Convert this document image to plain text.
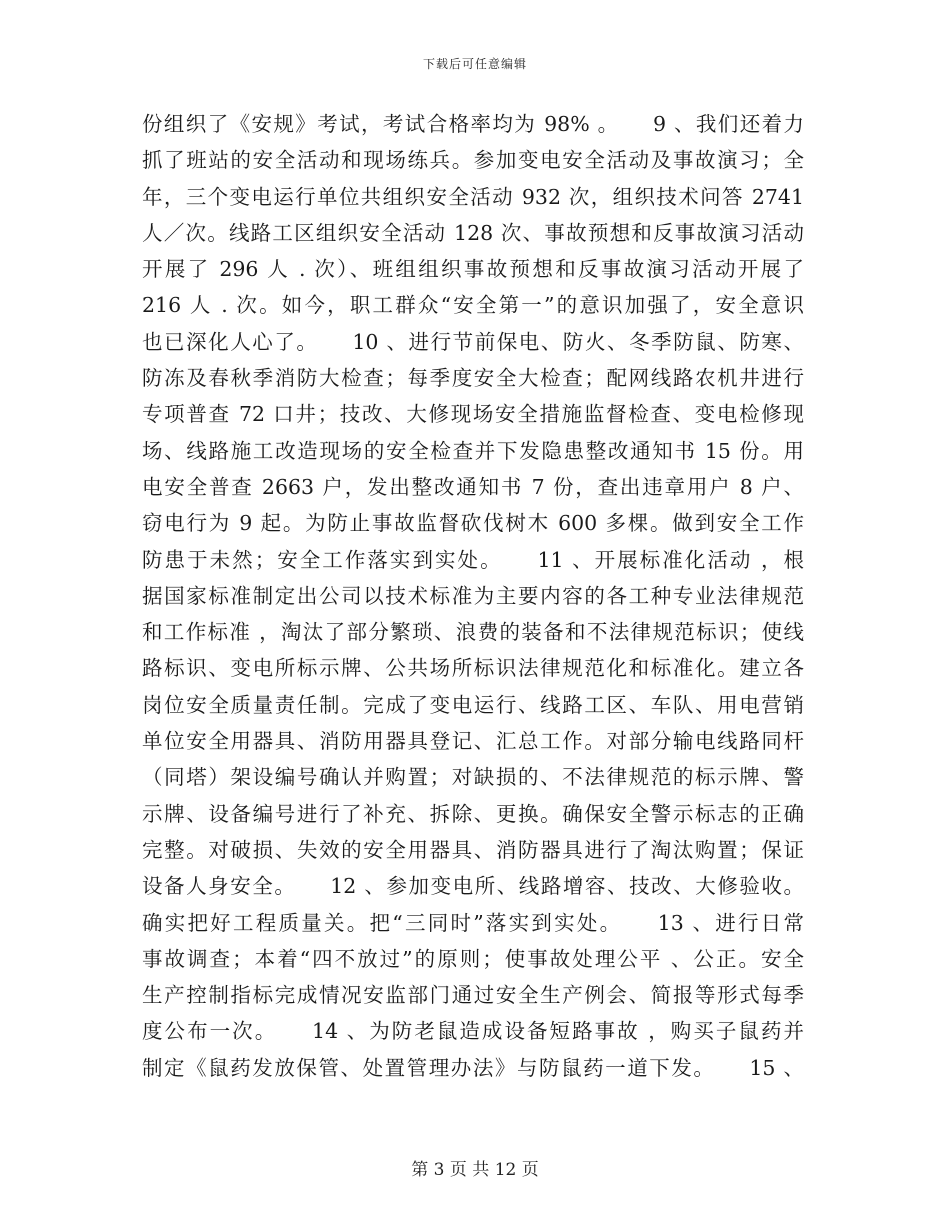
下载后可任意编辑
份组织了《安规》考试，考试合格率均为 98% 。　　9 、我们还着力
抓了班站的安全活动和现场练兵。参加变电安全活动及事故演习；全
年，三个变电运行单位共组织安全活动 932 次，组织技术问答 2741
人／次。线路工区组织安全活动 128 次、事故预想和反事故演习活动
开展了 296 人 . 次）、班组组织事故预想和反事故演习活动开展了
216 人 . 次。如今，职工群众“安全第一”的意识加强了，安全意识
也已深化人心了。　　10 、进行节前保电、防火、冬季防鼠、防寒、
防冻及春秋季消防大检查；每季度安全大检查；配网线路农机井进行
专项普查 72 口井；技改、大修现场安全措施监督检查、变电检修现
场、线路施工改造现场的安全检查并下发隐患整改通知书 15 份。用
电安全普查 2663 户，发出整改通知书 7 份，查出违章用户 8 户、
窃电行为 9 起。为防止事故监督砍伐树木 600 多棵。做到安全工作
防患于未然；安全工作落实到实处。　　11 、开展标准化活动 ，根
据国家标准制定出公司以技术标准为主要内容的各工种专业法律规范
和工作标准 ，淘汰了部分繁琐、浪费的装备和不法律规范标识；使线
路标识、变电所标示牌、公共场所标识法律规范化和标准化。建立各
岗位安全质量责任制。完成了变电运行、线路工区、车队、用电营销
单位安全用器具、消防用器具登记、汇总工作。对部分输电线路同杆
（同塔）架设编号确认并购置；对缺损的、不法律规范的标示牌、警
示牌、设备编号进行了补充、拆除、更换。确保安全警示标志的正确
完整。对破损、失效的安全用器具、消防器具进行了淘汰购置；保证
设备人身安全。　　12 、参加变电所、线路增容、技改、大修验收。
确实把好工程质量关。把“三同时”落实到实处。　　13 、进行日常
事故调查；本着“四不放过”的原则；使事故处理公平 、公正。安全
生产控制指标完成情况安监部门通过安全生产例会、简报等形式每季
度公布一次。　　14 、为防老鼠造成设备短路事故 ，购买子鼠药并
制定《鼠药发放保管、处置管理办法》与防鼠药一道下发。　　15 、
第 3 页 共 12 页
